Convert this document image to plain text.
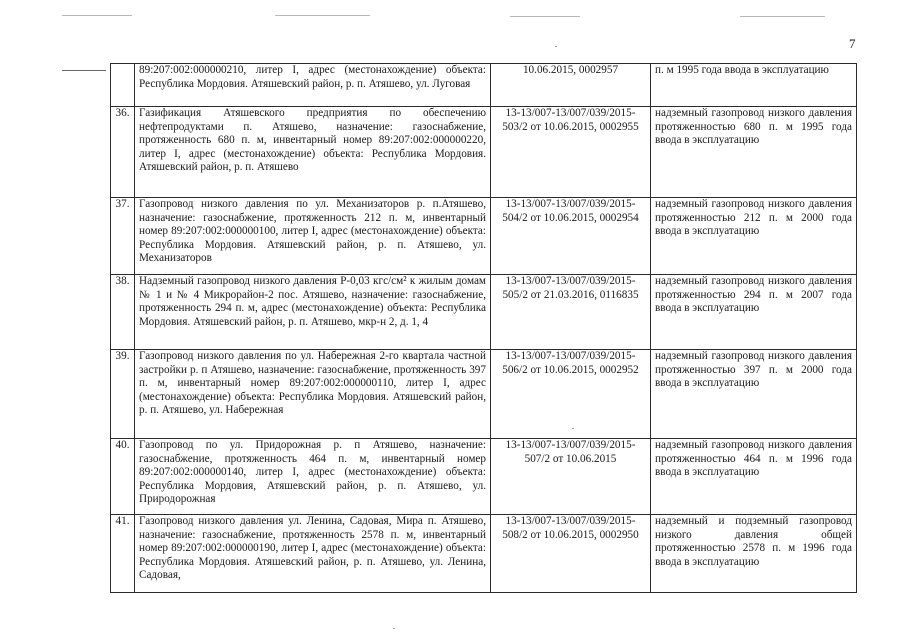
7
	89:207:002:000000210, литер I, адрес (местонахождение) объекта: Республика Мордовия. Атяшевский район, р. п. Атяшево, ул. Луговая	10.06.2015, 0002957	п. м 1995 года ввода в эксплуатацию
36.	Газификация Атяшевского предприятия по обеспечению нефтепродуктами п. Атяшево, назначение: газоснабжение, протяженность 680 п. м, инвентарный номер 89:207:002:000000220, литер I, адрес (местонахождение) объекта: Республика Мордовия. Атяшевский район, р. п. Атяшево	13-13/007-13/007/039/2015-503/2 от 10.06.2015, 0002955	надземный газопровод низкого давления протяженностью 680 п. м 1995 года ввода в эксплуатацию
37.	Газопровод низкого давления по ул. Механизаторов р. п.Атяшево, назначение: газоснабжение, протяженность 212 п. м, инвентарный номер 89:207:002:000000100, литер I, адрес (местонахождение) объекта: Республика Мордовия. Атяшевский район, р. п. Атяшево, ул. Механизаторов	13-13/007-13/007/039/2015-504/2 от 10.06.2015, 0002954	надземный газопровод низкого давления протяженностью 212 п. м 2000 года ввода в эксплуатацию
38.	Надземный газопровод низкого давления Р-0,03 кгс/см² к жилым домам № 1 и № 4 Микрорайон-2 пос. Атяшево, назначение: газоснабжение, протяженность 294 п. м, адрес (местонахождение) объекта: Республика Мордовия. Атяшевский район, р. п. Атяшево, мкр-н 2, д. 1, 4	13-13/007-13/007/039/2015-505/2 от 21.03.2016, 0116835	надземный газопровод низкого давления протяженностью 294 п. м 2007 года ввода в эксплуатацию
39.	Газопровод низкого давления по ул. Набережная 2-го квартала частной застройки р. п Атяшево, назначение: газоснабжение, протяженность 397 п. м, инвентарный номер 89:207:002:000000110, литер I, адрес (местонахождение) объекта: Республика Мордовия. Атяшевский район, р. п. Атяшево, ул. Набережная	13-13/007-13/007/039/2015-506/2 от 10.06.2015, 0002952	надземный газопровод низкого давления протяженностью 397 п. м 2000 года ввода в эксплуатацию
40.	Газопровод по ул. Придорожная р. п Атяшево, назначение: газоснабжение, протяженность 464 п. м, инвентарный номер 89:207:002:000000140, литер I, адрес (местонахождение) объекта: Республика Мордовия, Атяшевский район, р. п. Атяшево, ул. Природорожная	13-13/007-13/007/039/2015-507/2 от 10.06.2015	надземный газопровод низкого давления протяженностью 464 п. м 1996 года ввода в эксплуатацию
41.	Газопровод низкого давления ул. Ленина, Садовая, Мира п. Атяшево, назначение: газоснабжение, протяженность 2578 п. м, инвентарный номер 89:207:002:000000190, литер I, адрес (местонахождение) объекта: Республика Мордовия. Атяшевский район, р. п. Атяшево, ул. Ленина, Садовая,	13-13/007-13/007/039/2015-508/2 от 10.06.2015, 0002950	надземный и подземный газопровод низкого давления общей протяженностью 2578 п. м 1996 года ввода в эксплуатацию
